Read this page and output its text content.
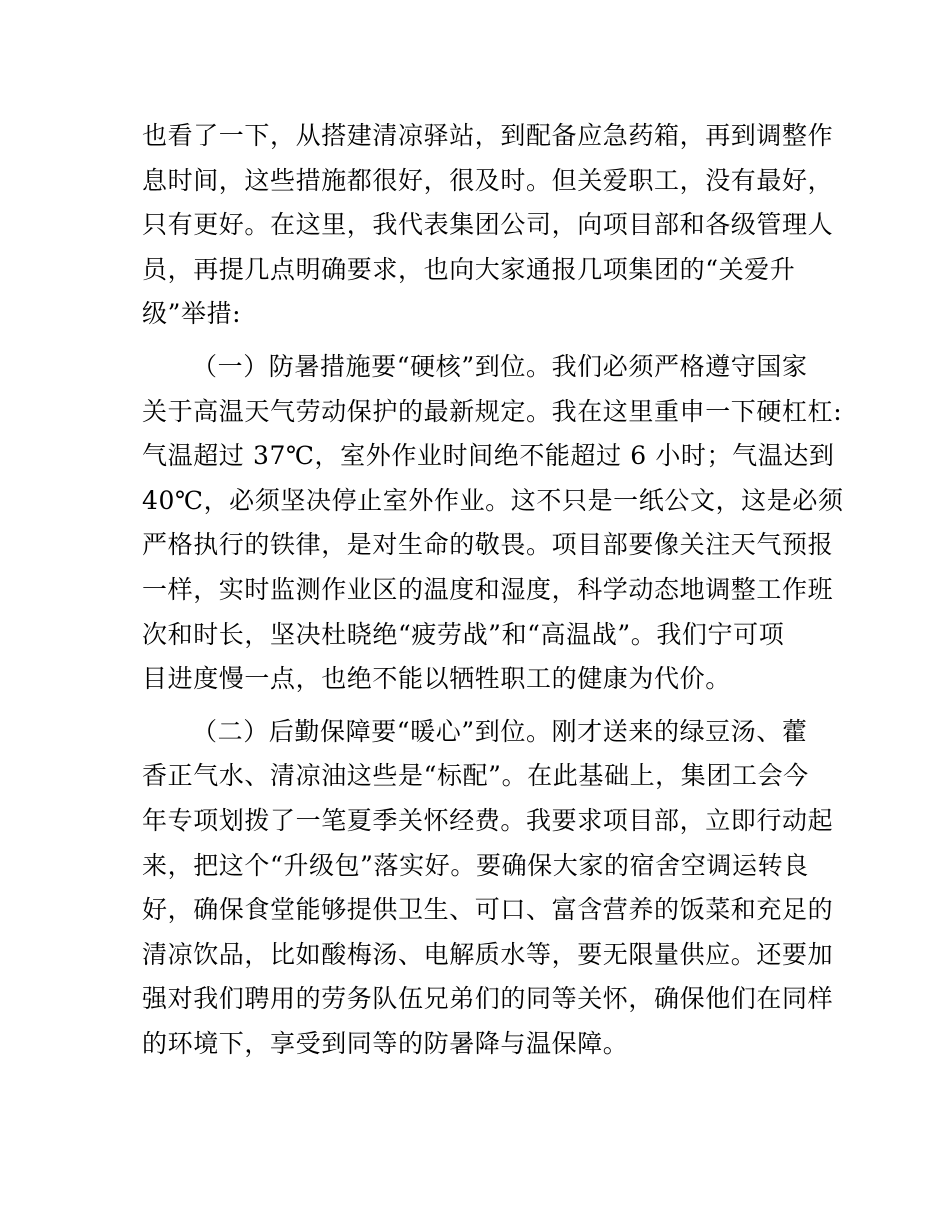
也看了一下，从搭建清凉驿站，到配备应急药箱，再到调整作
息时间，这些措施都很好，很及时。但关爱职工，没有最好，
只有更好。在这里，我代表集团公司，向项目部和各级管理人
员，再提几点明确要求，也向大家通报几项集团的“关爱升
级”举措:
（一）防暑措施要“硬核”到位。我们必须严格遵守国家
关于高温天气劳动保护的最新规定。我在这里重申一下硬杠杠:
气温超过 37℃，室外作业时间绝不能超过 6 小时；气温达到
40℃，必须坚决停止室外作业。这不只是一纸公文，这是必须
严格执行的铁律，是对生命的敬畏。项目部要像关注天气预报
一样，实时监测作业区的温度和湿度，科学动态地调整工作班
次和时长，坚决杜晓绝“疲劳战”和“高温战”。我们宁可项
目进度慢一点，也绝不能以牺牲职工的健康为代价。
（二）后勤保障要“暖心”到位。刚才送来的绿豆汤、藿
香正气水、清凉油这些是“标配”。在此基础上，集团工会今
年专项划拨了一笔夏季关怀经费。我要求项目部，立即行动起
来，把这个“升级包”落实好。要确保大家的宿舍空调运转良
好，确保食堂能够提供卫生、可口、富含营养的饭菜和充足的
清凉饮品，比如酸梅汤、电解质水等，要无限量供应。还要加
强对我们聘用的劳务队伍兄弟们的同等关怀，确保他们在同样
的环境下，享受到同等的防暑降与温保障。
